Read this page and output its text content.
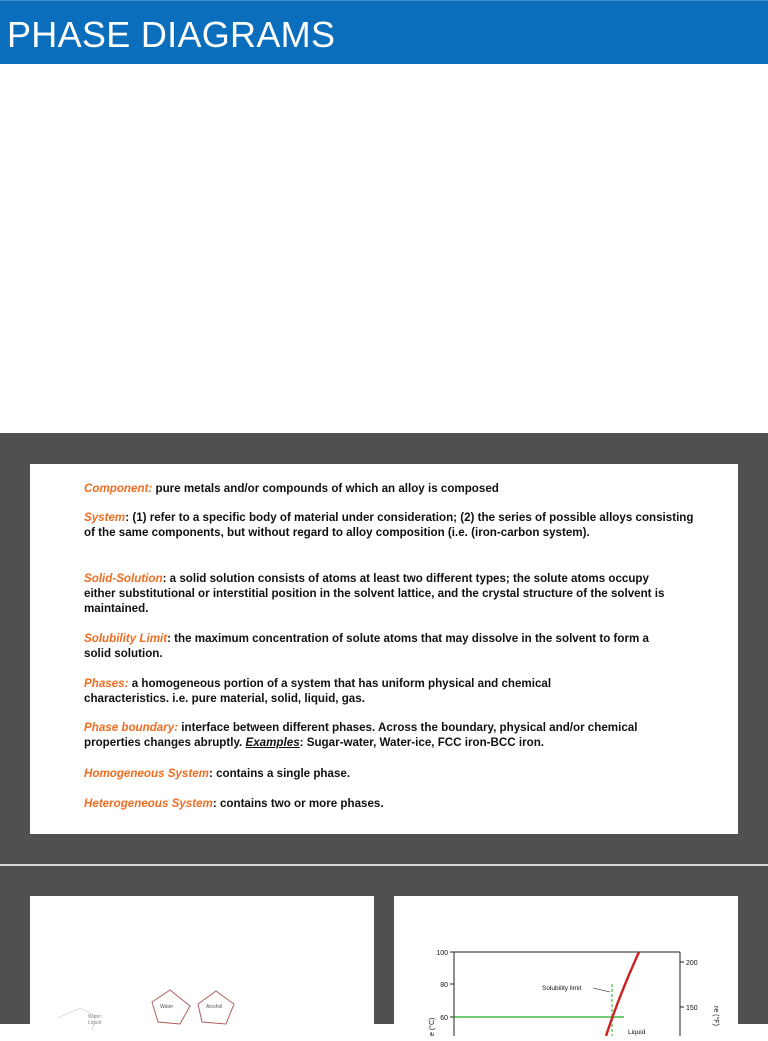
PHASE DIAGRAMS
Component: pure metals and/or compounds of which an alloy is composed
System: (1) refer to a specific body of material under consideration; (2) the series of possible alloys consisting of the same components, but without regard to alloy composition (i.e. (iron-carbon system).
Solid-Solution: a solid solution consists of atoms at least two different types; the solute atoms occupy either substitutional or interstitial position in the solvent lattice, and the crystal structure of the solvent is maintained.
Solubility Limit: the maximum concentration of solute atoms that may dissolve in the solvent to form a solid solution.
Phases: a homogeneous portion of a system that has uniform physical and chemical characteristics. i.e. pure material, solid, liquid, gas.
Phase boundary: interface between different phases. Across the boundary, physical and/or chemical properties changes abruptly. Examples: Sugar-water, Water-ice, FCC iron-BCC iron.
Homogeneous System: contains a single phase.
Heterogeneous System: contains two or more phases.
Water
Liquid
Water	Alcohol
100
80
60
200
150
e (°C)
re (°F)
Solubility limit
Liquid
